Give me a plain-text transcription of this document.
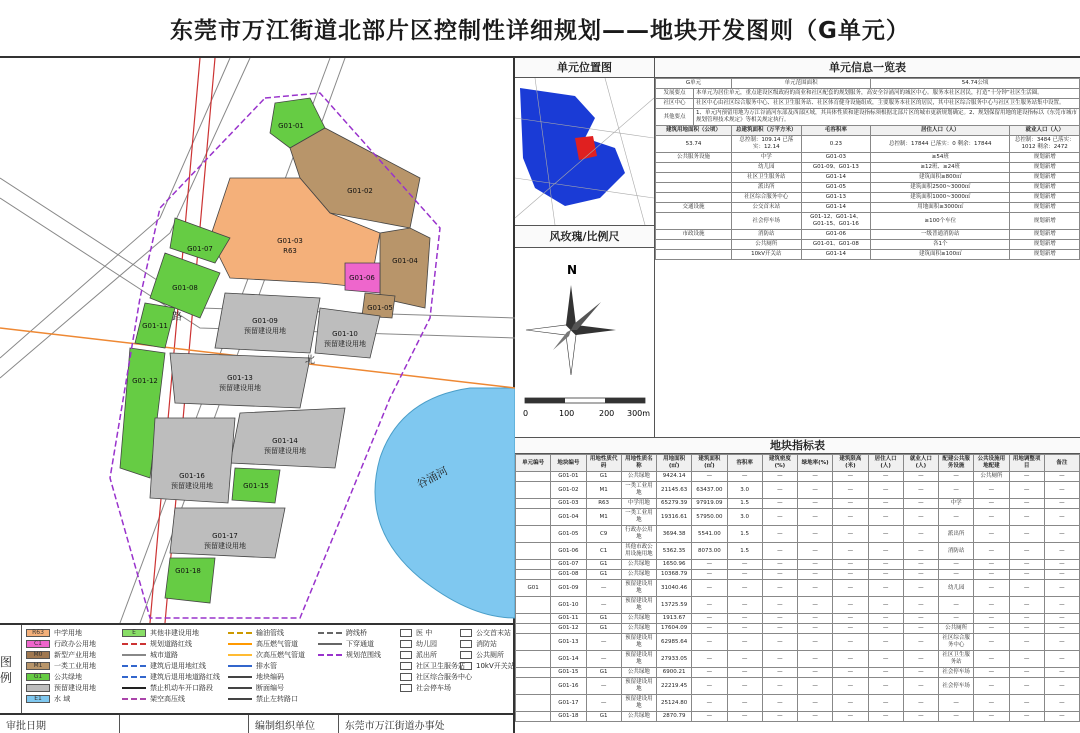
东莞市万江街道北部片区控制性详细规划——地块开发图则（G单元）
谷涌河
G01-01
G01-02
G01-03
R63
G01-04
G01-06
G01-05
G01-07
G01-08
G01-09
预留建设用地	G01-10
预留建设用地
G01-11
G01-12	G01-13
预留建设用地
G01-14
预留建设用地
G01-15
G01-16
预留建设用地
G01-17
预留建设用地
G01-18
路
北
图例
R63	中学用地
C1	行政办公用地
M0	新型产业用地
M1	一类工业用地
G1	公共绿地
预留建设用地
E1	水 域
E	其他非建设用地
规划道路红线
城市道路
建筑后退用地红线
建筑后退用地道路红线
禁止机动车开口路段
架空高压线
输油管线
高压燃气管道
次高压燃气管道
排水管
地块编码
断面编号
禁止左转路口
跨线桥
下穿通道
规划范围线
医 中
幼儿园
派出所
社区卫生服务站
社区综合服务中心
社会停车场
公交首末站
消防站
公共厕所
10kV开关站
审批日期	编制组织单位	东莞市万江街道办事处
单元位置图
风玫瑰/比例尺
N
0	100	200 300m
单元信息一览表
G单元		单元范围面积		54.74公顷	
发展要点	本单元为居住单元，重点建设区级政府的商业和社区配套的规划服务，高安全谷涌河的城区中心。服务本社区居民，打造“十分钟”社区生活圈。				
社区中心	社区中心由社区综合服务中心、社区卫生服务站、社区体育健身设施组成，主要服务本社区的居民，其中社区综合服务中心与社区卫生服务站集中设置。				
其他要点	1、单元内预留用地为万江谷涌河东部及西部区域，其具体性质和建设指标须根据北部片区的城市更新规划确定。2、规划保留用地的建设指标以《东莞市城市规划管理技术规定》等相关规定执行。				
建筑用地面积（公顷）		总建筑面积（万平方米）	毛容积率	居住人口（人）	就业人口（人）
53.74		总控制：109.14 已落实：12.14	0.23	总控制：17844 已落实：0 剩余：17844	总控制：3484 已落实：1012 剩余：2472
公共服务设施		中学	G01-03	≥54班	规划新增
		幼儿园	G01-09、G01-13	≥12班、≥24班	规划新增
		社区卫生服务站	G01-14	建筑面积≥800㎡	规划新增
		派出所	G01-05	建筑面积2500~3000㎡	规划新增
		社区综合服务中心	G01-13	建筑面积1000~3000㎡	规划新增
交通设施		公交首末站	G01-14	用地面积≥3000㎡	规划新增
		社会停车场	G01-12、G01-14、G01-15、G01-16	≥100个车位	规划新增
市政设施		消防站	G01-06	一级普通消防站	规划新增
		公共厕所	G01-01、G01-08	各1个	规划新增
		10kV开关站	G01-14	建筑面积≥100㎡	规划新增
地块指标表
单元编号	地块编号	用地性质代码	用地性质名称	用地面积(㎡)	建筑面积(㎡)	容积率	建筑密度(%)	绿地率(%)	建筑限高(米)	居住人口(人)	就业人口(人)	配建公共服务设施	公共设施用地配建	用地调整项目	备注
	G01-01	G1	公共绿地	9424.14	—	—	—	—	—	—	—	—	公共厕所	—	—
	G01-02	M1	一类工业用地	21145.63	63437.00	3.0	—	—	—	—	—	—	—	—	—
	G01-03	R63	中学用地	65279.39	97919.09	1.5	—	—	—	—	—	中学	—	—	—
	G01-04	M1	一类工业用地	19316.61	57950.00	3.0	—	—	—	—	—	—	—	—	—
	G01-05	C9	行政办公用地	3694.38	5541.00	1.5	—	—	—	—	—	派出所	—	—	—
	G01-06	C1	其他市政公用设施用地	5362.35	8073.00	1.5	—	—	—	—	—	消防站	—	—	—
	G01-07	G1	公共绿地	1650.96	—	—	—	—	—	—	—	—	—	—	—
	G01-08	G1	公共绿地	10368.79	—	—	—	—	—	—	—	—	—	—	—
G01	G01-09	—	预留建设用地	31040.46	—	—	—	—	—	—	—	幼儿园	—	—	—
	G01-10	—	预留建设用地	13725.59	—	—	—	—	—	—	—	—	—	—	—
	G01-11	G1	公共绿地	1913.67	—	—	—	—	—	—	—	—	—	—	—
	G01-12	G1	公共绿地	17604.09	—	—	—	—	—	—	—	公共厕所	—	—	—
	G01-13	—	预留建设用地	62985.64	—	—	—	—	—	—	—	社区综合服务中心	—	—	—
	G01-14	—	预留建设用地	27933.05	—	—	—	—	—	—	—	社区卫生服务站	—	—	—
	G01-15	G1	公共绿地	6900.21	—	—	—	—	—	—	—	社会停车场	—	—	—
	G01-16	—	预留建设用地	22219.45	—	—	—	—	—	—	—	社会停车场	—	—	—
	G01-17	—	预留建设用地	25124.80	—	—	—	—	—	—	—	—	—	—	—
	G01-18	G1	公共绿地	2870.79	—	—	—	—	—	—	—	—	—	—	—
